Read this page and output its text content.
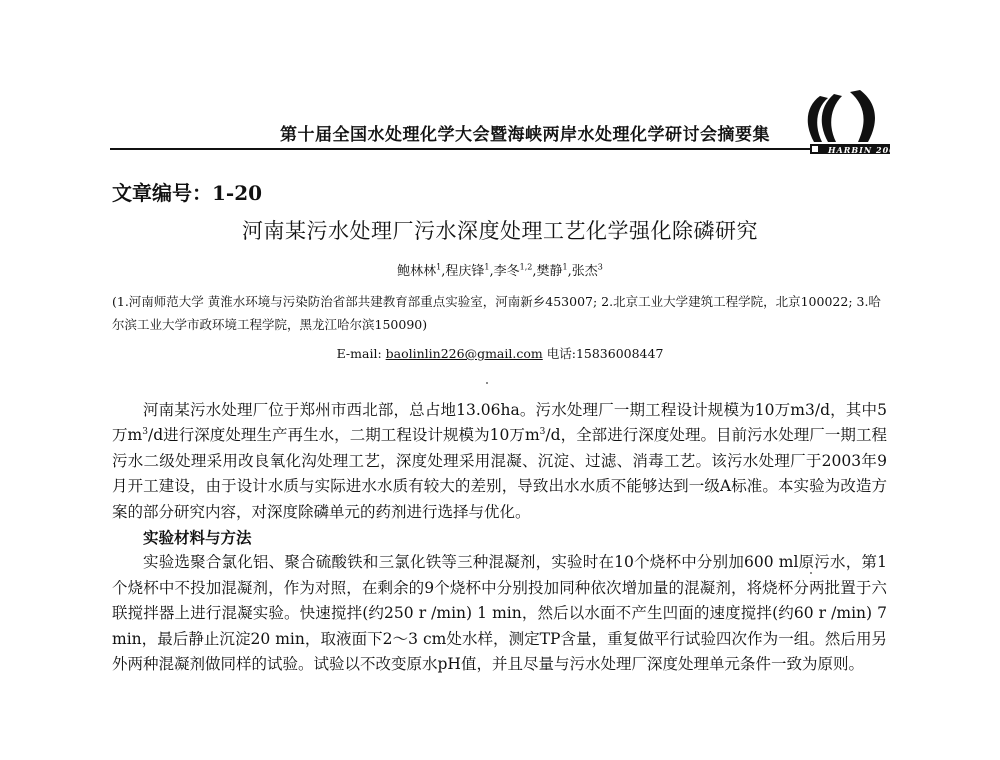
第十届全国水处理化学大会暨海峡两岸水处理化学研讨会摘要集
HARBIN 2009
文章编号：1-20
河南某污水处理厂污水深度处理工艺化学强化除磷研究
鲍林林$^1$,程庆锋$^1$,李冬$^{1,2}$,樊静$^1$,张杰$^3$
(1.河南师范大学 黄淮水环境与污染防治省部共建教育部重点实验室，河南新乡453007; 2.北京工业大学建筑工程学院，北京100022; 3.哈尔滨工业大学市政环境工程学院，黑龙江哈尔滨150090)
E-mail: baolinlin226@gmail.com 电话:15836008447

河南某污水处理厂位于郑州市西北部，总占地13.06ha。污水处理厂一期工程设计规模为10万m3/d，其中5万$m^3/d$进行深度处理生产再生水，二期工程设计规模为10万$m^3/d$，全部进行深度处理。目前污水处理厂一期工程污水二级处理采用改良氧化沟处理工艺，深度处理采用混凝、沉淀、过滤、消毒工艺。该污水处理厂于2003年9月开工建设，由于设计水质与实际进水水质有较大的差别，导致出水水质不能够达到一级A标准。本实验为改造方案的部分研究内容，对深度除磷单元的药剂进行选择与优化。

实验材料与方法

实验选聚合氯化铝、聚合硫酸铁和三氯化铁等三种混凝剂，实验时在10个烧杯中分别加600 ml原污水，第1个烧杯中不投加混凝剂，作为对照，在剩余的9个烧杯中分别投加同种依次增加量的混凝剂，将烧杯分两批置于六联搅拌器上进行混凝实验。快速搅拌(约250 r /min) 1 min，然后以水面不产生凹面的速度搅拌(约60 r /min) 7 min，最后静止沉淀20 min，取液面下2～3 cm处水样，测定TP含量，重复做平行试验四次作为一组。然后用另外两种混凝剂做同样的试验。试验以不改变原水pH值，并且尽量与污水处理厂深度处理单元条件一致为原则。
